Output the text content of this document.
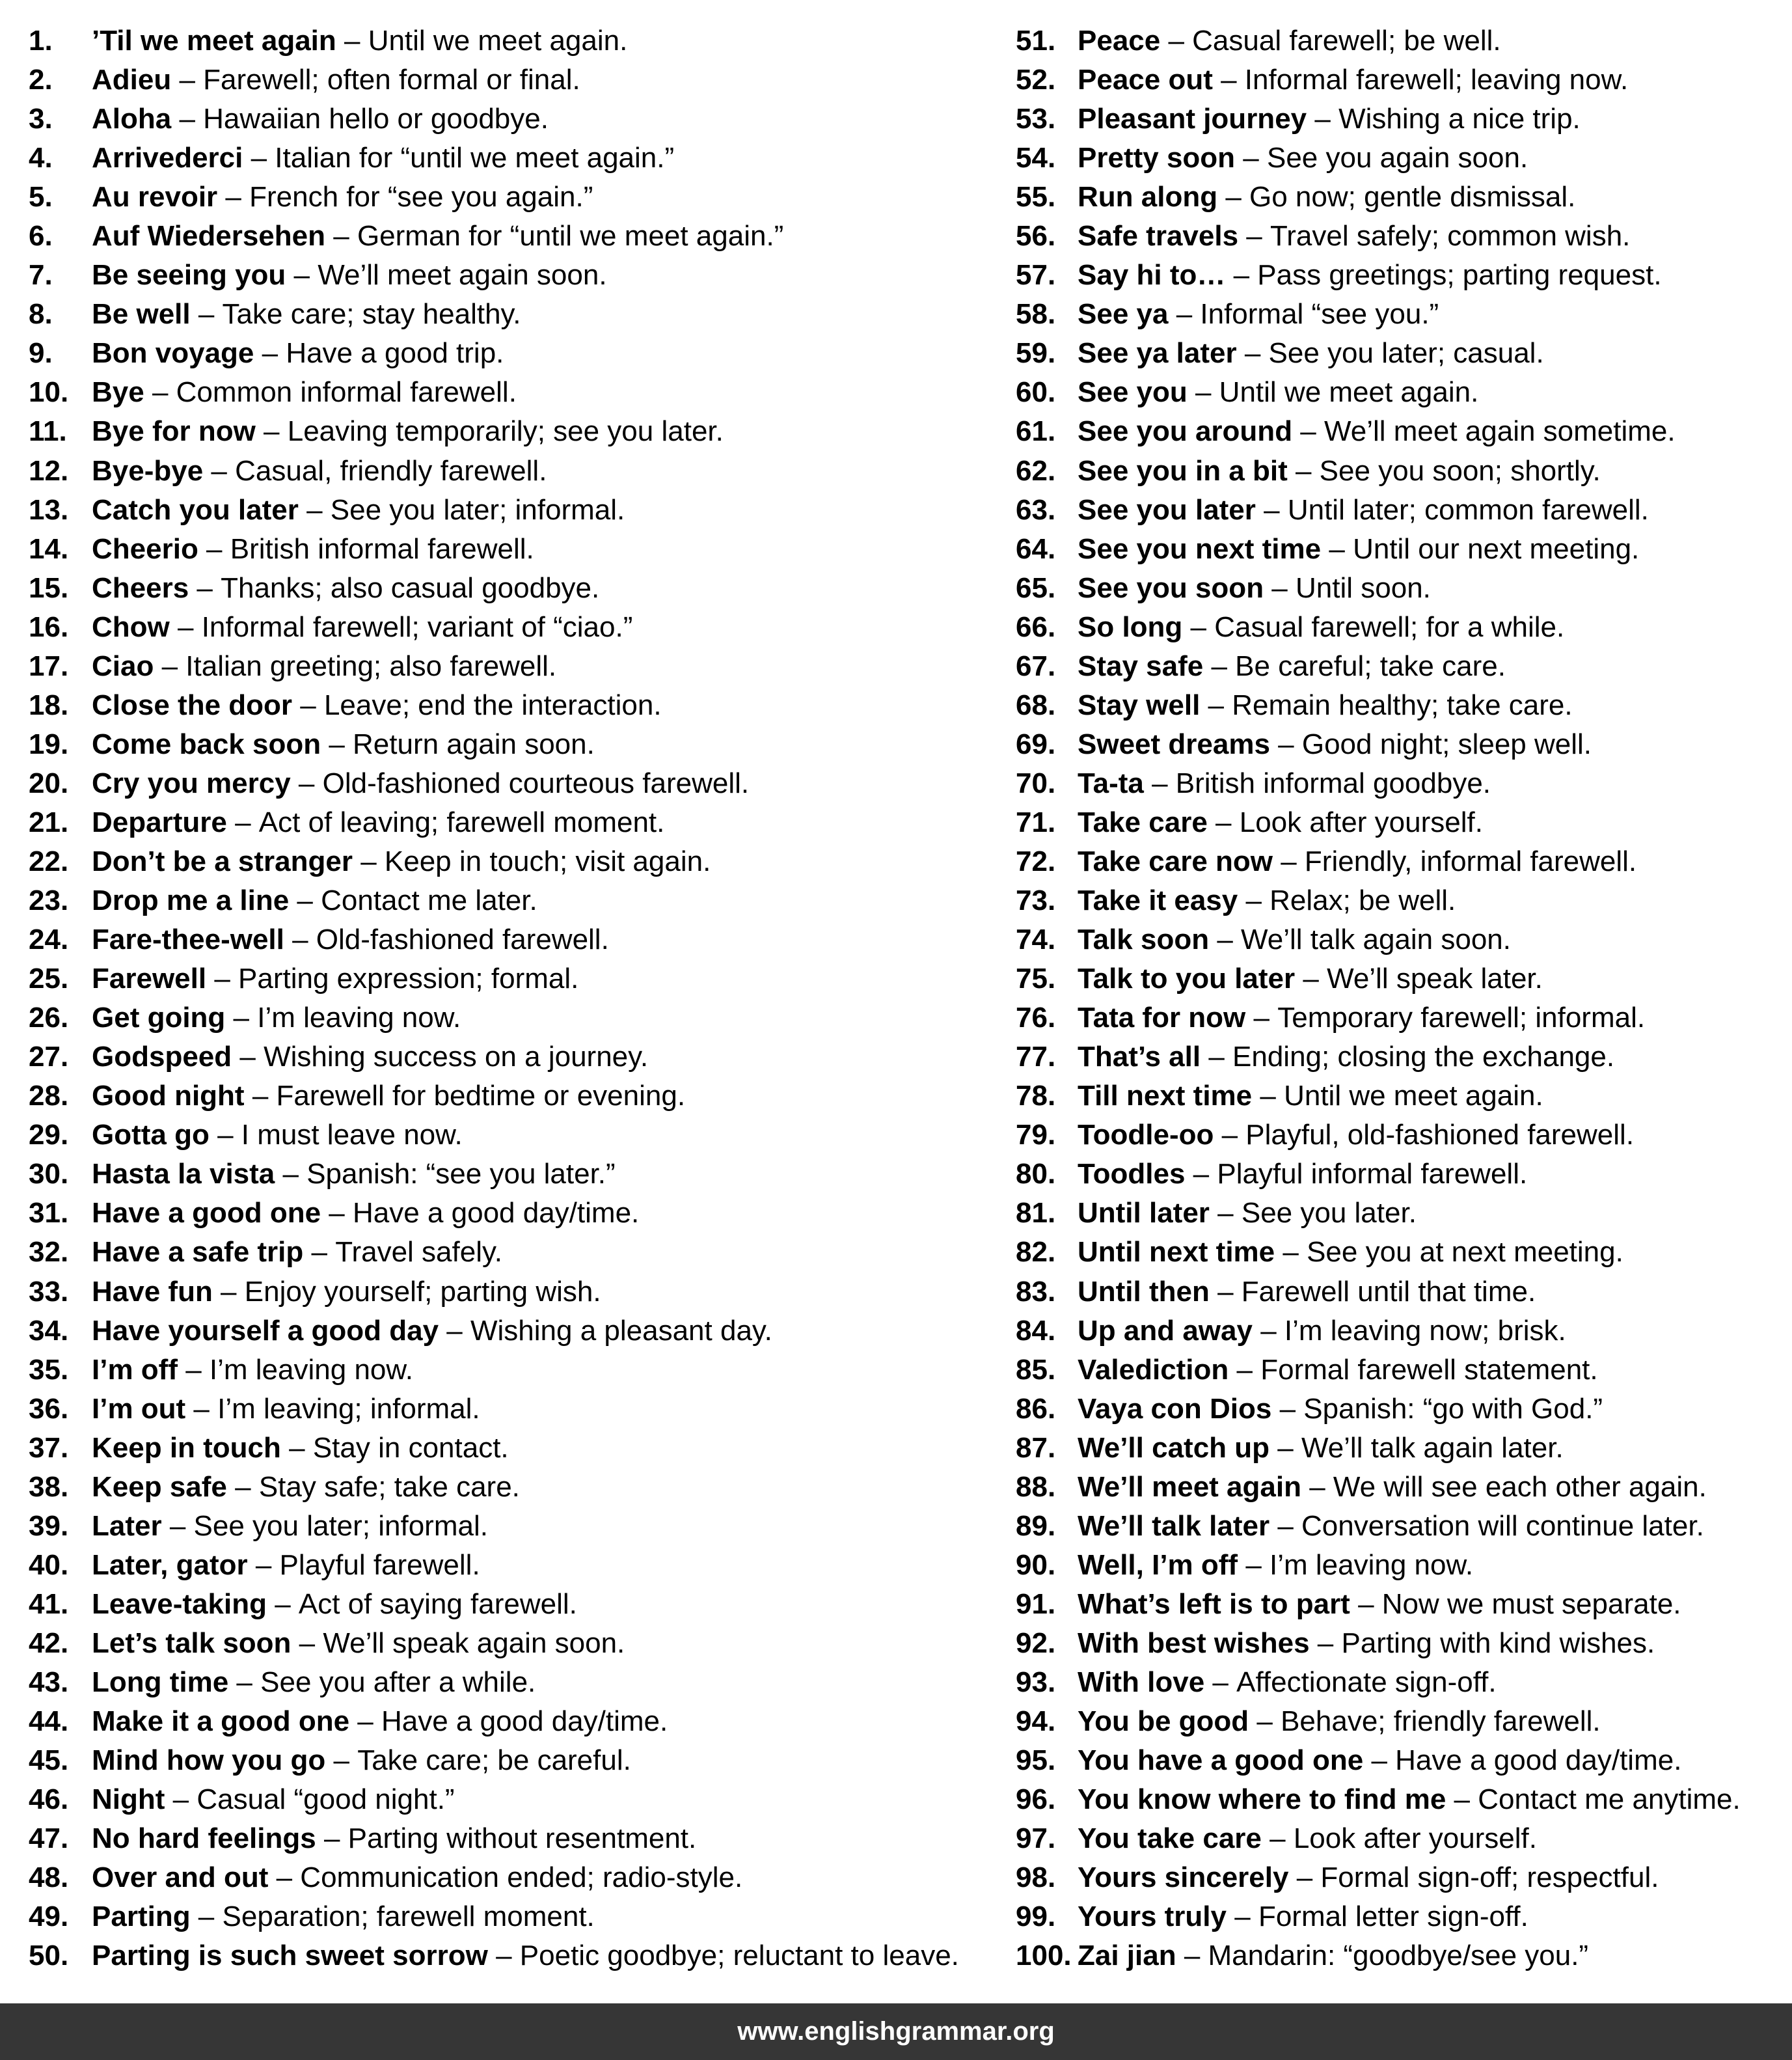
1.	’Til we meet again – Until we meet again.
2.	Adieu – Farewell; often formal or final.
3.	Aloha – Hawaiian hello or goodbye.
4.	Arrivederci – Italian for “until we meet again.”
5.	Au revoir – French for “see you again.”
6.	Auf Wiedersehen – German for “until we meet again.”
7.	Be seeing you – We’ll meet again soon.
8.	Be well – Take care; stay healthy.
9.	Bon voyage – Have a good trip.
10. Bye – Common informal farewell.
11. Bye for now – Leaving temporarily; see you later.
12. Bye-bye – Casual, friendly farewell.
13. Catch you later – See you later; informal.
14. Cheerio – British informal farewell.
15. Cheers – Thanks; also casual goodbye.
16. Chow – Informal farewell; variant of “ciao.”
17. Ciao – Italian greeting; also farewell.
18. Close the door – Leave; end the interaction.
19. Come back soon – Return again soon.
20. Cry you mercy – Old-fashioned courteous farewell.
21. Departure – Act of leaving; farewell moment.
22. Don’t be a stranger – Keep in touch; visit again.
23. Drop me a line – Contact me later.
24. Fare-thee-well – Old-fashioned farewell.
25. Farewell – Parting expression; formal.
26. Get going – I’m leaving now.
27. Godspeed – Wishing success on a journey.
28. Good night – Farewell for bedtime or evening.
29. Gotta go – I must leave now.
30. Hasta la vista – Spanish: “see you later.”
31. Have a good one – Have a good day/time.
32. Have a safe trip – Travel safely.
33. Have fun – Enjoy yourself; parting wish.
34. Have yourself a good day – Wishing a pleasant day.
35. I’m off – I’m leaving now.
36. I’m out – I’m leaving; informal.
37. Keep in touch – Stay in contact.
38. Keep safe – Stay safe; take care.
39. Later – See you later; informal.
40. Later, gator – Playful farewell.
41. Leave-taking – Act of saying farewell.
42. Let’s talk soon – We’ll speak again soon.
43. Long time – See you after a while.
44. Make it a good one – Have a good day/time.
45. Mind how you go – Take care; be careful.
46. Night – Casual “good night.”
47. No hard feelings – Parting without resentment.
48. Over and out – Communication ended; radio-style.
49. Parting – Separation; farewell moment.
50. Parting is such sweet sorrow – Poetic goodbye; reluctant to leave.
51. Peace – Casual farewell; be well.
52. Peace out – Informal farewell; leaving now.
53. Pleasant journey – Wishing a nice trip.
54. Pretty soon – See you again soon.
55. Run along – Go now; gentle dismissal.
56. Safe travels – Travel safely; common wish.
57. Say hi to… – Pass greetings; parting request.
58. See ya – Informal “see you.”
59. See ya later – See you later; casual.
60. See you – Until we meet again.
61. See you around – We’ll meet again sometime.
62. See you in a bit – See you soon; shortly.
63. See you later – Until later; common farewell.
64. See you next time – Until our next meeting.
65. See you soon – Until soon.
66. So long – Casual farewell; for a while.
67. Stay safe – Be careful; take care.
68. Stay well – Remain healthy; take care.
69. Sweet dreams – Good night; sleep well.
70. Ta-ta – British informal goodbye.
71. Take care – Look after yourself.
72. Take care now – Friendly, informal farewell.
73. Take it easy – Relax; be well.
74. Talk soon – We’ll talk again soon.
75. Talk to you later – We’ll speak later.
76. Tata for now – Temporary farewell; informal.
77. That’s all – Ending; closing the exchange.
78. Till next time – Until we meet again.
79. Toodle-oo – Playful, old-fashioned farewell.
80. Toodles – Playful informal farewell.
81. Until later – See you later.
82. Until next time – See you at next meeting.
83. Until then – Farewell until that time.
84. Up and away – I’m leaving now; brisk.
85. Valediction – Formal farewell statement.
86. Vaya con Dios – Spanish: “go with God.”
87. We’ll catch up – We’ll talk again later.
88. We’ll meet again – We will see each other again.
89. We’ll talk later – Conversation will continue later.
90. Well, I’m off – I’m leaving now.
91. What’s left is to part – Now we must separate.
92. With best wishes – Parting with kind wishes.
93. With love – Affectionate sign-off.
94. You be good – Behave; friendly farewell.
95. You have a good one – Have a good day/time.
96. You know where to find me – Contact me anytime.
97. You take care – Look after yourself.
98. Yours sincerely – Formal sign-off; respectful.
99. Yours truly – Formal letter sign-off.
100. Zai jian – Mandarin: “goodbye/see you.”
www.englishgrammar.org
